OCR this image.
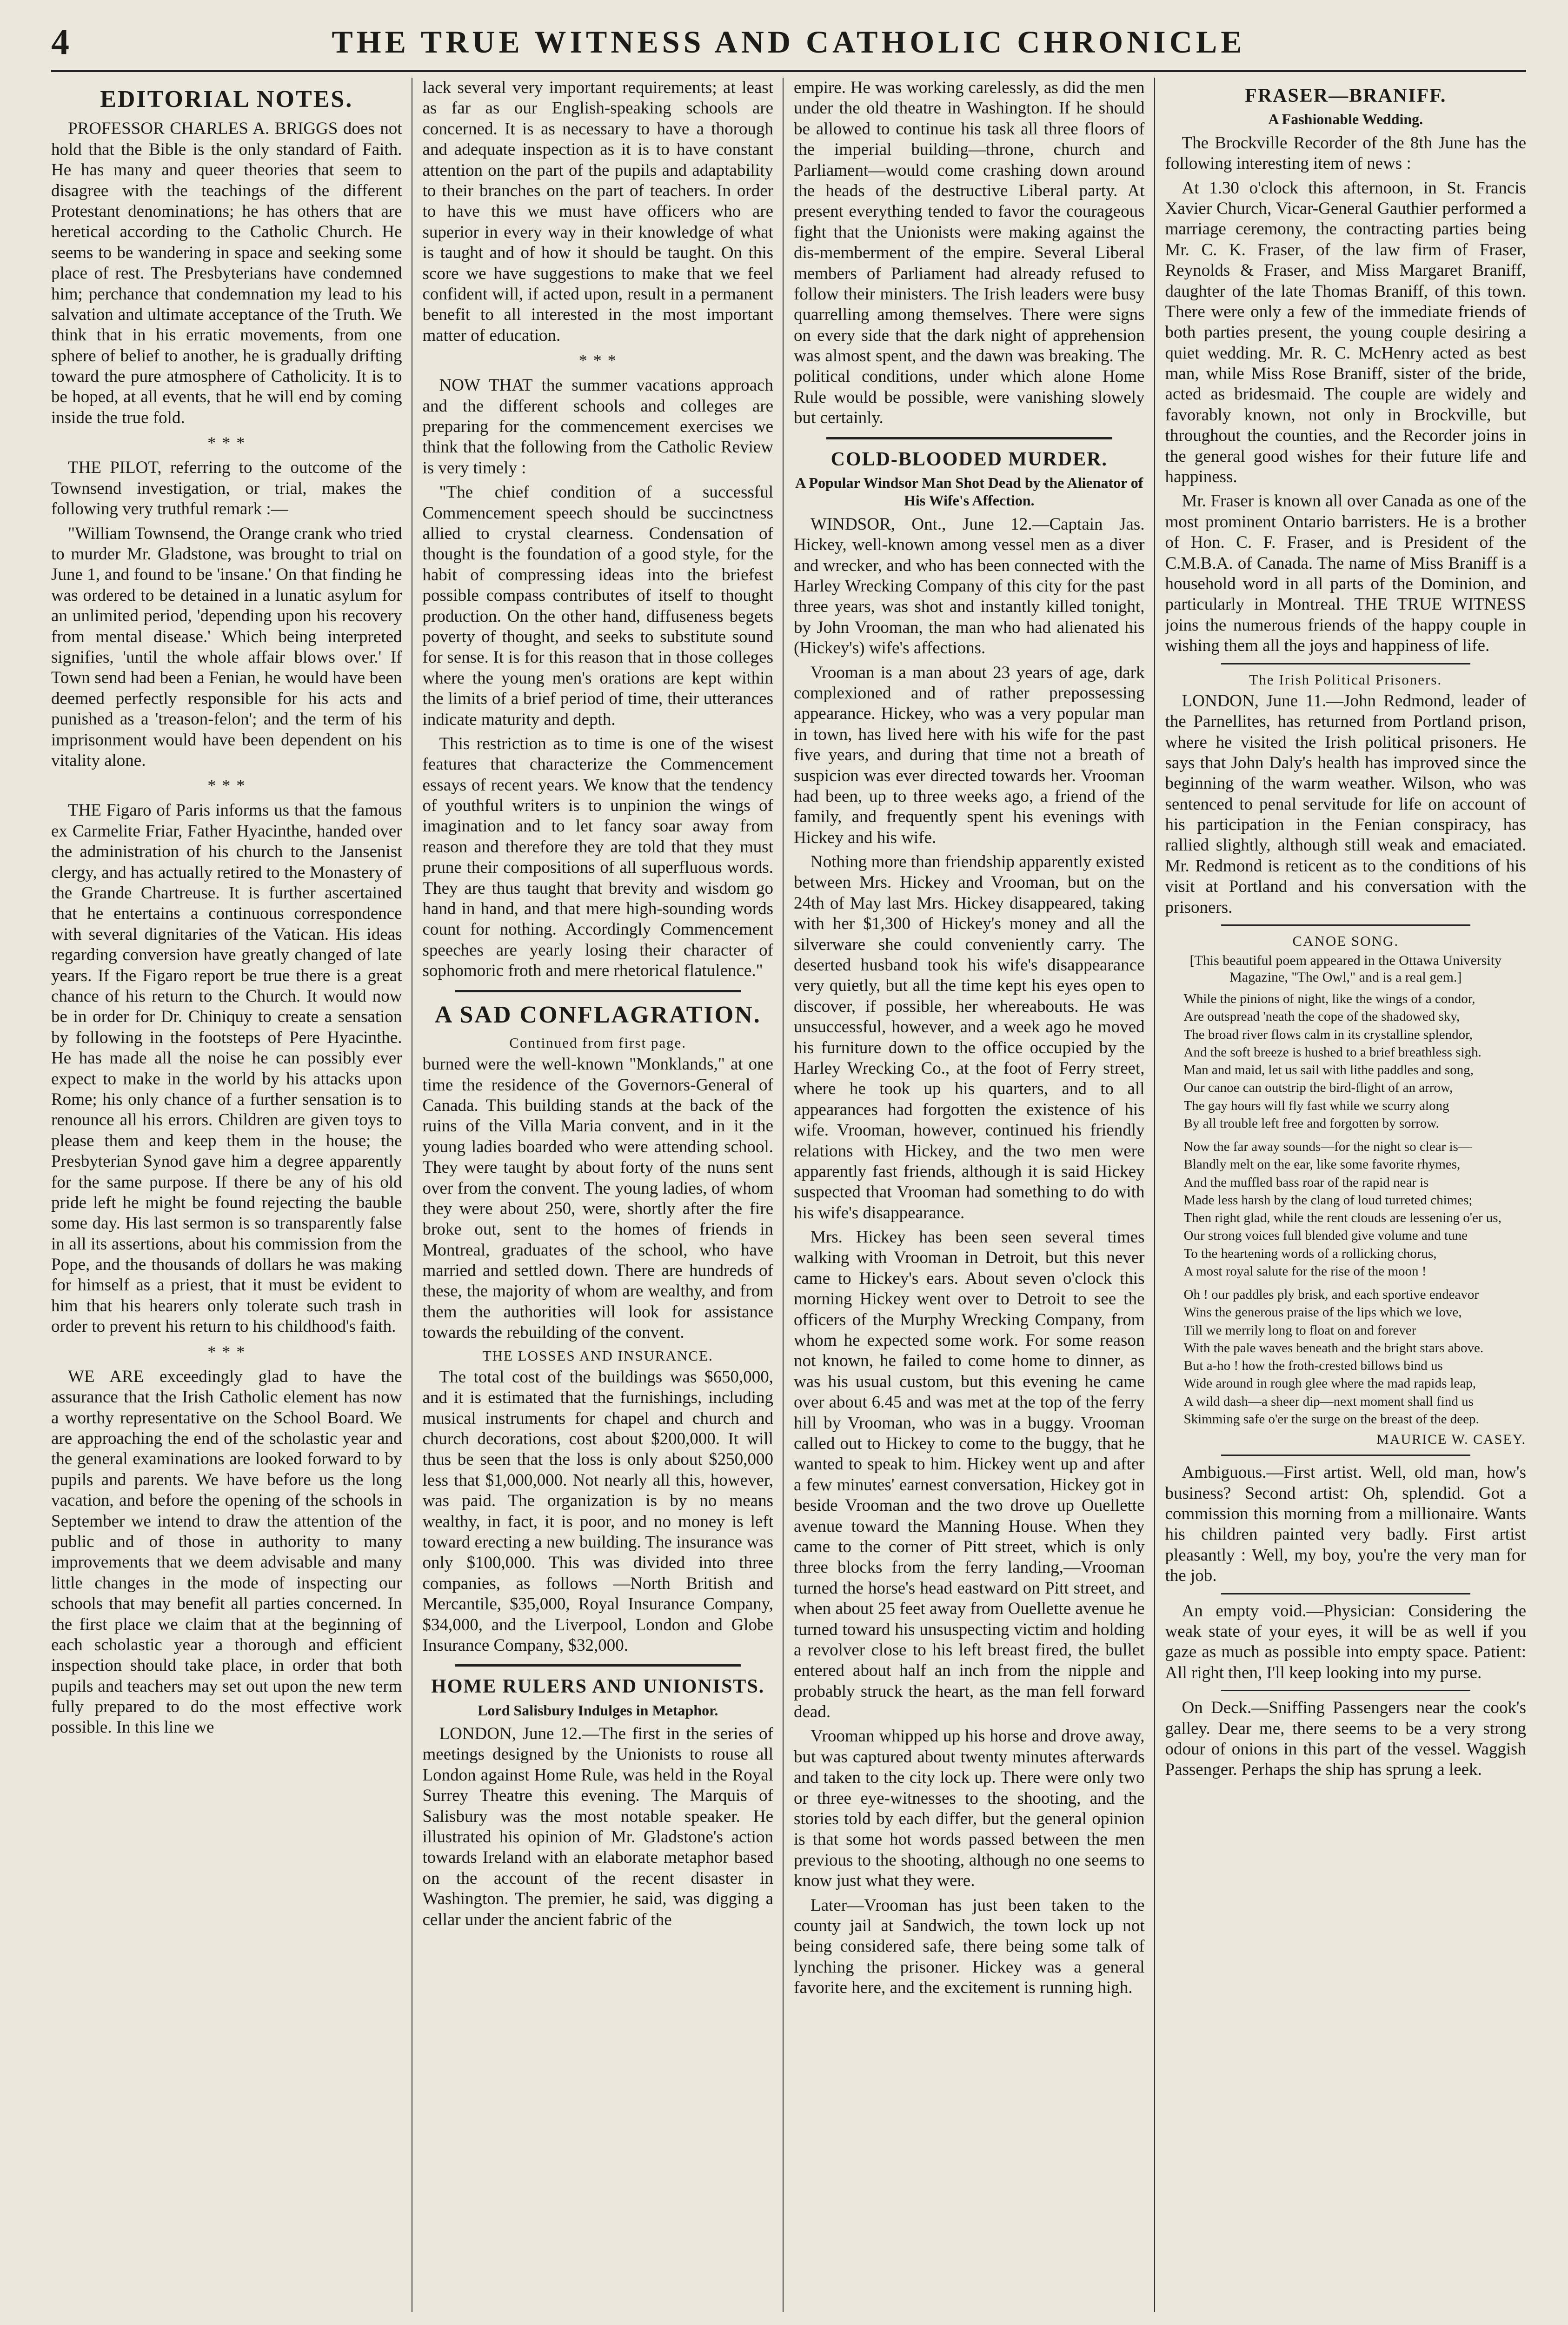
4	THE TRUE WITNESS AND CATHOLIC CHRONICLE
EDITORIAL NOTES.

PROFESSOR CHARLES A. BRIGGS does not hold that the Bible is the only standard of Faith. He has many and queer theories that seem to disagree with the teachings of the different Protestant denominations; he has others that are heretical according to the Catholic Church. He seems to be wandering in space and seeking some place of rest. The Presbyterians have condemned him; perchance that condemnation my lead to his salvation and ultimate acceptance of the Truth. We think that in his erratic movements, from one sphere of belief to another, he is gradually drifting toward the pure atmosphere of Catholicity. It is to be hoped, at all events, that he will end by coming inside the true fold.

* * *

THE PILOT, referring to the outcome of the Townsend investigation, or trial, makes the following very truthful remark :—

"William Townsend, the Orange crank who tried to murder Mr. Gladstone, was brought to trial on June 1, and found to be 'insane.' On that finding he was ordered to be detained in a lunatic asylum for an unlimited period, 'depending upon his recovery from mental disease.' Which being interpreted signifies, 'until the whole affair blows over.' If Town send had been a Fenian, he would have been deemed perfectly responsible for his acts and punished as a 'treason-felon'; and the term of his imprisonment would have been dependent on his vitality alone.

* * *

THE Figaro of Paris informs us that the famous ex Carmelite Friar, Father Hyacinthe, handed over the administration of his church to the Jansenist clergy, and has actually retired to the Monastery of the Grande Chartreuse. It is further ascertained that he entertains a continuous correspondence with several dignitaries of the Vatican. His ideas regarding conversion have greatly changed of late years. If the Figaro report be true there is a great chance of his return to the Church. It would now be in order for Dr. Chiniquy to create a sensation by following in the footsteps of Pere Hyacinthe. He has made all the noise he can possibly ever expect to make in the world by his attacks upon Rome; his only chance of a further sensation is to renounce all his errors. Children are given toys to please them and keep them in the house; the Presbyterian Synod gave him a degree apparently for the same purpose. If there be any of his old pride left he might be found rejecting the bauble some day. His last sermon is so transparently false in all its assertions, about his commission from the Pope, and the thousands of dollars he was making for himself as a priest, that it must be evident to him that his hearers only tolerate such trash in order to prevent his return to his childhood's faith.

* * *

WE ARE exceedingly glad to have the assurance that the Irish Catholic element has now a worthy representative on the School Board. We are approaching the end of the scholastic year and the general examinations are looked forward to by pupils and parents. We have before us the long vacation, and before the opening of the schools in September we intend to draw the attention of the public and of those in authority to many improvements that we deem advisable and many little changes in the mode of inspecting our schools that may benefit all parties concerned. In the first place we claim that at the beginning of each scholastic year a thorough and efficient inspection should take place, in order that both pupils and teachers may set out upon the new term fully prepared to do the most effective work possible. In this line we

lack several very important requirements; at least as far as our English-speaking schools are concerned. It is as necessary to have a thorough and adequate inspection as it is to have constant attention on the part of the pupils and adaptability to their branches on the part of teachers. In order to have this we must have officers who are superior in every way in their knowledge of what is taught and of how it should be taught. On this score we have suggestions to make that we feel confident will, if acted upon, result in a permanent benefit to all interested in the most important matter of education.

* * *

NOW THAT the summer vacations approach and the different schools and colleges are preparing for the commencement exercises we think that the following from the Catholic Review is very timely :

"The chief condition of a successful Commencement speech should be succinctness allied to crystal clearness. Condensation of thought is the foundation of a good style, for the habit of compressing ideas into the briefest possible compass contributes of itself to thought production. On the other hand, diffuseness begets poverty of thought, and seeks to substitute sound for sense. It is for this reason that in those colleges where the young men's orations are kept within the limits of a brief period of time, their utterances indicate maturity and depth.

This restriction as to time is one of the wisest features that characterize the Commencement essays of recent years. We know that the tendency of youthful writers is to unpinion the wings of imagination and to let fancy soar away from reason and therefore they are told that they must prune their compositions of all superfluous words. They are thus taught that brevity and wisdom go hand in hand, and that mere high-sounding words count for nothing. Accordingly Commencement speeches are yearly losing their character of sophomoric froth and mere rhetorical flatulence."

A SAD CONFLAGRATION.
Continued from first page.

burned were the well-known "Monklands," at one time the residence of the Governors-General of Canada. This building stands at the back of the ruins of the Villa Maria convent, and in it the young ladies boarded who were attending school. They were taught by about forty of the nuns sent over from the convent. The young ladies, of whom they were about 250, were, shortly after the fire broke out, sent to the homes of friends in Montreal, graduates of the school, who have married and settled down. There are hundreds of these, the majority of whom are wealthy, and from them the authorities will look for assistance towards the rebuilding of the convent.

THE LOSSES AND INSURANCE.

The total cost of the buildings was $650,000, and it is estimated that the furnishings, including musical instruments for chapel and church and church decorations, cost about $200,000. It will thus be seen that the loss is only about $250,000 less that $1,000,000. Not nearly all this, however, was paid. The organization is by no means wealthy, in fact, it is poor, and no money is left toward erecting a new building. The insurance was only $100,000. This was divided into three companies, as follows —North British and Mercantile, $35,000, Royal Insurance Company, $34,000, and the Liverpool, London and Globe Insurance Company, $32,000.

HOME RULERS AND UNIONISTS.
Lord Salisbury Indulges in Metaphor.

LONDON, June 12.—The first in the series of meetings designed by the Unionists to rouse all London against Home Rule, was held in the Royal Surrey Theatre this evening. The Marquis of Salisbury was the most notable speaker. He illustrated his opinion of Mr. Gladstone's action towards Ireland with an elaborate metaphor based on the account of the recent disaster in Washington. The premier, he said, was digging a cellar under the ancient fabric of the

empire. He was working carelessly, as did the men under the old theatre in Washington. If he should be allowed to continue his task all three floors of the imperial building—throne, church and Parliament—would come crashing down around the heads of the destructive Liberal party. At present everything tended to favor the courageous fight that the Unionists were making against the dis-memberment of the empire. Several Liberal members of Parliament had already refused to follow their ministers. The Irish leaders were busy quarrelling among themselves. There were signs on every side that the dark night of apprehension was almost spent, and the dawn was breaking. The political conditions, under which alone Home Rule would be possible, were vanishing slowely but certainly.

COLD-BLOODED MURDER.
A Popular Windsor Man Shot Dead by the Alienator of His Wife's Affection.

WINDSOR, Ont., June 12.—Captain Jas. Hickey, well-known among vessel men as a diver and wrecker, and who has been connected with the Harley Wrecking Company of this city for the past three years, was shot and instantly killed tonight, by John Vrooman, the man who had alienated his (Hickey's) wife's affections.

Vrooman is a man about 23 years of age, dark complexioned and of rather prepossessing appearance. Hickey, who was a very popular man in town, has lived here with his wife for the past five years, and during that time not a breath of suspicion was ever directed towards her. Vrooman had been, up to three weeks ago, a friend of the family, and frequently spent his evenings with Hickey and his wife.

Nothing more than friendship apparently existed between Mrs. Hickey and Vrooman, but on the 24th of May last Mrs. Hickey disappeared, taking with her $1,300 of Hickey's money and all the silverware she could conveniently carry. The deserted husband took his wife's disappearance very quietly, but all the time kept his eyes open to discover, if possible, her whereabouts. He was unsuccessful, however, and a week ago he moved his furniture down to the office occupied by the Harley Wrecking Co., at the foot of Ferry street, where he took up his quarters, and to all appearances had forgotten the existence of his wife. Vrooman, however, continued his friendly relations with Hickey, and the two men were apparently fast friends, although it is said Hickey suspected that Vrooman had something to do with his wife's disappearance.

Mrs. Hickey has been seen several times walking with Vrooman in Detroit, but this never came to Hickey's ears. About seven o'clock this morning Hickey went over to Detroit to see the officers of the Murphy Wrecking Company, from whom he expected some work. For some reason not known, he failed to come home to dinner, as was his usual custom, but this evening he came over about 6.45 and was met at the top of the ferry hill by Vrooman, who was in a buggy. Vrooman called out to Hickey to come to the buggy, that he wanted to speak to him. Hickey went up and after a few minutes' earnest conversation, Hickey got in beside Vrooman and the two drove up Ouellette avenue toward the Manning House. When they came to the corner of Pitt street, which is only three blocks from the ferry landing,—Vrooman turned the horse's head eastward on Pitt street, and when about 25 feet away from Ouellette avenue he turned toward his unsuspecting victim and holding a revolver close to his left breast fired, the bullet entered about half an inch from the nipple and probably struck the heart, as the man fell forward dead.

Vrooman whipped up his horse and drove away, but was captured about twenty minutes afterwards and taken to the city lock up. There were only two or three eye-witnesses to the shooting, and the stories told by each differ, but the general opinion is that some hot words passed between the men previous to the shooting, although no one seems to know just what they were.

Later—Vrooman has just been taken to the county jail at Sandwich, the town lock up not being considered safe, there being some talk of lynching the prisoner. Hickey was a general favorite here, and the excitement is running high.

FRASER—BRANIFF.
A Fashionable Wedding.

The Brockville Recorder of the 8th June has the following interesting item of news :

At 1.30 o'clock this afternoon, in St. Francis Xavier Church, Vicar-General Gauthier performed a marriage ceremony, the contracting parties being Mr. C. K. Fraser, of the law firm of Fraser, Reynolds & Fraser, and Miss Margaret Braniff, daughter of the late Thomas Braniff, of this town. There were only a few of the immediate friends of both parties present, the young couple desiring a quiet wedding. Mr. R. C. McHenry acted as best man, while Miss Rose Braniff, sister of the bride, acted as bridesmaid. The couple are widely and favorably known, not only in Brockville, but throughout the counties, and the Recorder joins in the general good wishes for their future life and happiness.

Mr. Fraser is known all over Canada as one of the most prominent Ontario barristers. He is a brother of Hon. C. F. Fraser, and is President of the C.M.B.A. of Canada. The name of Miss Braniff is a household word in all parts of the Dominion, and particularly in Montreal. THE TRUE WITNESS joins the numerous friends of the happy couple in wishing them all the joys and happiness of life.

The Irish Political Prisoners.

LONDON, June 11.—John Redmond, leader of the Parnellites, has returned from Portland prison, where he visited the Irish political prisoners. He says that John Daly's health has improved since the beginning of the warm weather. Wilson, who was sentenced to penal servitude for life on account of his participation in the Fenian conspiracy, has rallied slightly, although still weak and emaciated. Mr. Redmond is reticent as to the conditions of his visit at Portland and his conversation with the prisoners.

CANOE SONG.
[This beautiful poem appeared in the Ottawa University Magazine, "The Owl," and is a real gem.]

While the pinions of night, like the wings of a condor,

Are outspread 'neath the cope of the shadowed sky,

The broad river flows calm in its crystalline splendor,

And the soft breeze is hushed to a brief breathless sigh.

Man and maid, let us sail with lithe paddles and song,

Our canoe can outstrip the bird-flight of an arrow,

The gay hours will fly fast while we scurry along

By all trouble left free and forgotten by sorrow.

Now the far away sounds—for the night so clear is—

Blandly melt on the ear, like some favorite rhymes,

And the muffled bass roar of the rapid near is

Made less harsh by the clang of loud turreted chimes;

Then right glad, while the rent clouds are lessening o'er us,

Our strong voices full blended give volume and tune

To the heartening words of a rollicking chorus,

A most royal salute for the rise of the moon !

Oh ! our paddles ply brisk, and each sportive endeavor

Wins the generous praise of the lips which we love,

Till we merrily long to float on and forever

With the pale waves beneath and the bright stars above.

But a-ho ! how the froth-crested billows bind us

Wide around in rough glee where the mad rapids leap,

A wild dash—a sheer dip—next moment shall find us

Skimming safe o'er the surge on the breast of the deep.

MAURICE W. CASEY.

Ambiguous.—First artist. Well, old man, how's business? Second artist: Oh, splendid. Got a commission this morning from a millionaire. Wants his children painted very badly. First artist pleasantly : Well, my boy, you're the very man for the job.

An empty void.—Physician: Considering the weak state of your eyes, it will be as well if you gaze as much as possible into empty space. Patient: All right then, I'll keep looking into my purse.

On Deck.—Sniffing Passengers near the cook's galley. Dear me, there seems to be a very strong odour of onions in this part of the vessel. Waggish Passenger. Perhaps the ship has sprung a leek.
